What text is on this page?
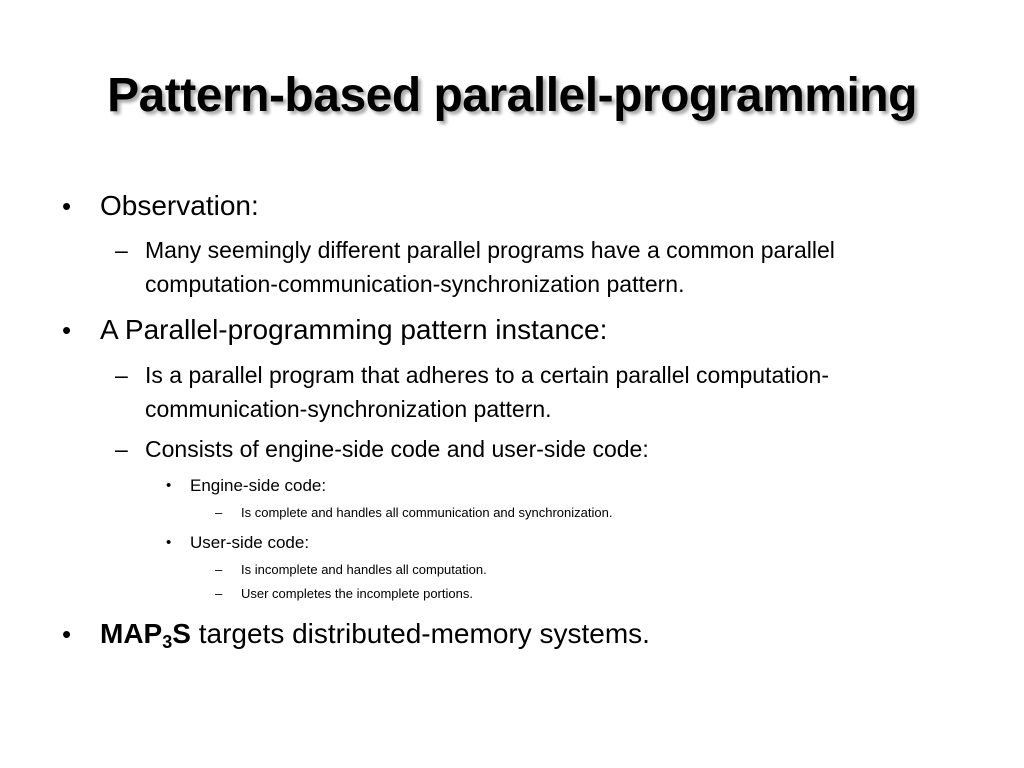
Pattern-based parallel-programming
• Observation:
– Many seemingly different parallel programs have a common parallel
computation-communication-synchronization pattern.
• A Parallel-programming pattern instance:
– Is a parallel program that adheres to a certain parallel computation-
communication-synchronization pattern.
– Consists of engine-side code and user-side code:
• Engine-side code:
– Is complete and handles all communication and synchronization.
• User-side code:
– Is incomplete and handles all computation.
– User completes the incomplete portions.
• $MAP_3S$ targets distributed-memory systems.
